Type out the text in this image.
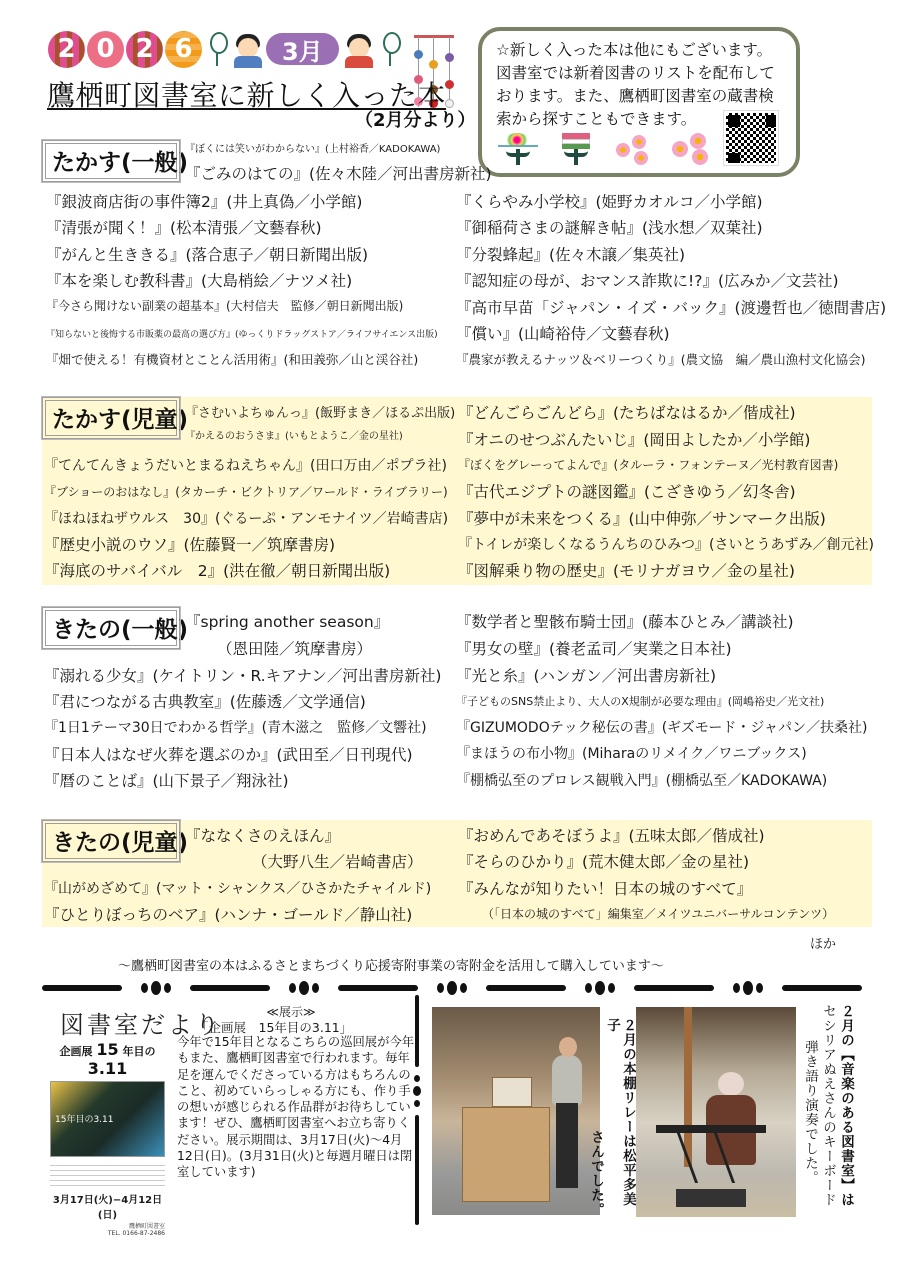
2 0 2 6	3月
鷹栖町図書室に新しく入った本
（2月分より）
☆新しく入った本は他にもございます。図書室では新着図書のリストを配布しております。また、鷹栖町図書室の蔵書検索から探すこともできます。
たかす(一般)
『ぼくには笑いがわからない』(上村裕香／KADOKAWA)
『ごみのはての』(佐々木陸／河出書房新社)
『銀波商店街の事件簿2』(井上真偽／小学館)
『清張が聞く！』(松本清張／文藝春秋)
『がんと生ききる』(落合恵子／朝日新聞出版)
『本を楽しむ教科書』(大島梢絵／ナツメ社)
『今さら聞けない副業の超基本』(大村信夫　監修／朝日新聞出版)
『知らないと後悔する市販薬の最高の選び方』(ゆっくりドラッグストア／ライフサイエンス出版)
『畑で使える！有機資材とことん活用術』(和田義弥／山と渓谷社)
『くらやみ小学校』(姫野カオルコ／小学館)
『御稲荷さまの謎解き帖』(浅水想／双葉社)
『分裂蜂起』(佐々木譲／集英社)
『認知症の母が、おマンス詐欺に!?』(広みか／文芸社)
『高市早苗「ジャパン・イズ・バック』(渡邊哲也／徳間書店)
『償い』(山崎裕侍／文藝春秋)
『農家が教えるナッツ＆ベリーつくり』(農文協　編／農山漁村文化協会)
たかす(児童)
『さむいよちゅんっ』(飯野まき／ほるぷ出版)
『かえるのおうさま』(いもとようこ／金の星社)
『てんてんきょうだいとまるねえちゃん』(田口万由／ポプラ社)
『ブショーのおはなし』(タカーチ・ビクトリア／ワールド・ライブラリー)
『ほねほねザウルス　30』(ぐるーぷ・アンモナイツ／岩崎書店)
『歴史小説のウソ』(佐藤賢一／筑摩書房)
『海底のサバイバル　2』(洪在徹／朝日新聞出版)
『どんごらごんどら』(たちばなはるか／偕成社)
『オニのせつぶんたいじ』(岡田よしたか／小学館)
『ぼくをグレーってよんで』(タルーラ・フォンテーヌ／光村教育図書)
『古代エジプトの謎図鑑』(こざきゆう／幻冬舎)
『夢中が未来をつくる』(山中伸弥／サンマーク出版)
『トイレが楽しくなるうんちのひみつ』(さいとうあずみ／創元社)
『図解乗り物の歴史』(モリナガヨウ／金の星社)
きたの(一般)
『spring another season』
（恩田陸／筑摩書房）
『溺れる少女』(ケイトリン・R.キアナン／河出書房新社)
『君につながる古典教室』(佐藤透／文学通信)
『1日1テーマ30日でわかる哲学』(青木滋之　監修／文響社)
『日本人はなぜ火葬を選ぶのか』(武田至／日刊現代)
『暦のことば』(山下景子／翔泳社)
『数学者と聖骸布騎士団』(藤本ひとみ／講談社)
『男女の壁』(養老孟司／実業之日本社)
『光と糸』(ハンガン／河出書房新社)
『子どものSNS禁止より、大人のX規制が必要な理由』(岡嶋裕史／光文社)
『GIZUMODOテック秘伝の書』(ギズモード・ジャパン／扶桑社)
『まほうの布小物』(Miharaのリメイク／ワニブックス)
『棚橋弘至のプロレス観戦入門』(棚橋弘至／KADOKAWA)
きたの(児童)
『ななくさのえほん』
（大野八生／岩崎書店）
『山がめざめて』(マット・シャンクス／ひさかたチャイルド)
『ひとりぼっちのベア』(ハンナ・ゴールド／静山社)
『おめんであそぼうよ』(五味太郎／偕成社)
『そらのひかり』(荒木健太郎／金の星社)
『みんなが知りたい！日本の城のすべて』
（「日本の城のすべて」編集室／メイツユニバーサルコンテンツ）
ほか
～鷹栖町図書室の本はふるさとまちづくり応援寄附事業の寄附金を活用して購入しています～
図書室だより
企画展 15 年目の 3.11
15年目の3.11
3月17日(火)−4月12日(日)
鷹栖町図書室
TEL. 0166-87-2486
≪展示≫
「企画展　15年目の3.11」
今年で15年目となるこちらの巡回展が今年もまた、鷹栖町図書室で行われます。毎年足を運んでくださっている方はもちろんのこと、初めていらっしゃる方にも、作り手の想いが感じられる作品群がお待ちしています！ぜひ、鷹栖町図書室へお立ち寄りください。展示期間は、3月17日(火)～4月12日(日)。(3月31日(火)と毎週月曜日は閉室しています)	２月の本棚リレーは松平多美子
さんでした。	２月の【音楽のある図書室】は
セシリアぬえさんのキーボード
弾き語り演奏でした。
